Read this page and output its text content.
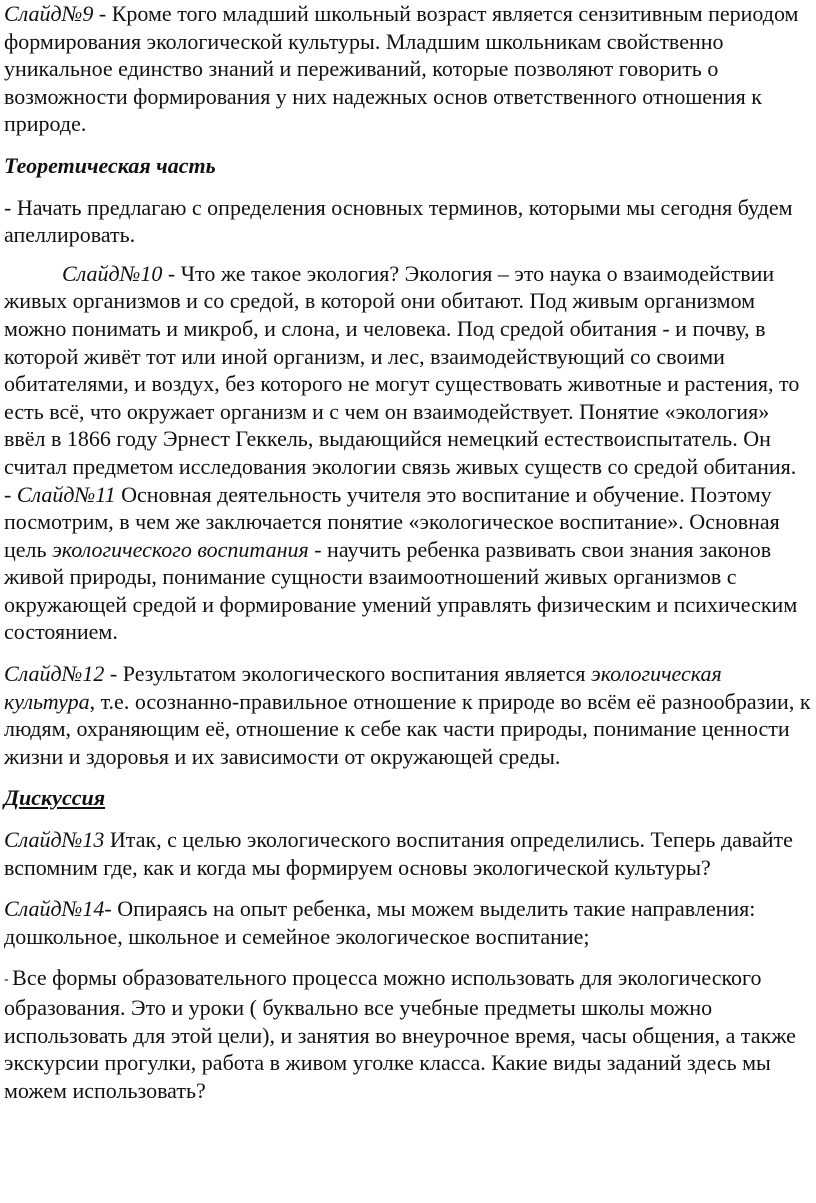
Слайд№9 - Кроме того младший школьный возраст является сензитивным периодом формирования экологической культуры. Младшим школьникам свойственно уникальное единство знаний и переживаний, которые позволяют говорить о возможности формирования у них надежных основ ответственного отношения к природе.

Теоретическая часть

- Начать предлагаю с определения основных терминов, которыми мы сегодня будем апеллировать.

Слайд№10 - Что же такое экология? Экология – это наука о взаимодействии живых организмов и со средой, в которой они обитают. Под живым организмом можно понимать и микроб, и слона, и человека. Под средой обитания - и почву, в которой живёт тот или иной организм, и лес, взаимодействующий со своими обитателями, и воздух, без которого не могут существовать животные и растения, то есть всё, что окружает организм и с чем он взаимодействует. Понятие «экология» ввёл в 1866 году Эрнест Геккель, выдающийся немецкий естествоиспытатель. Он считал предметом исследования экологии связь живых существ со средой обитания.

- Слайд№11 Основная деятельность учителя это воспитание и обучение. Поэтому посмотрим, в чем же заключается понятие «экологическое воспитание». Основная цель экологического воспитания - научить ребенка развивать свои знания законов живой природы, понимание сущности взаимоотношений живых организмов с окружающей средой и формирование умений управлять физическим и психическим состоянием.

Слайд№12 - Результатом экологического воспитания является экологическая культура, т.е. осознанно-правильное отношение к природе во всём её разнообразии, к людям, охраняющим её, отношение к себе как части природы, понимание ценности жизни и здоровья и их зависимости от окружающей среды.

Дискуссия

Слайд№13 Итак, с целью экологического воспитания определились. Теперь давайте вспомним где, как и когда мы формируем основы экологической культуры?

Слайд№14- Опираясь на опыт ребенка, мы можем выделить такие направления: дошкольное, школьное и семейное экологическое воспитание;

- Все формы образовательного процесса можно использовать для экологического образования. Это и уроки ( буквально все учебные предметы школы можно использовать для этой цели), и занятия во внеурочное время, часы общения, а также экскурсии прогулки, работа в живом уголке класса. Какие виды заданий здесь мы можем использовать?
